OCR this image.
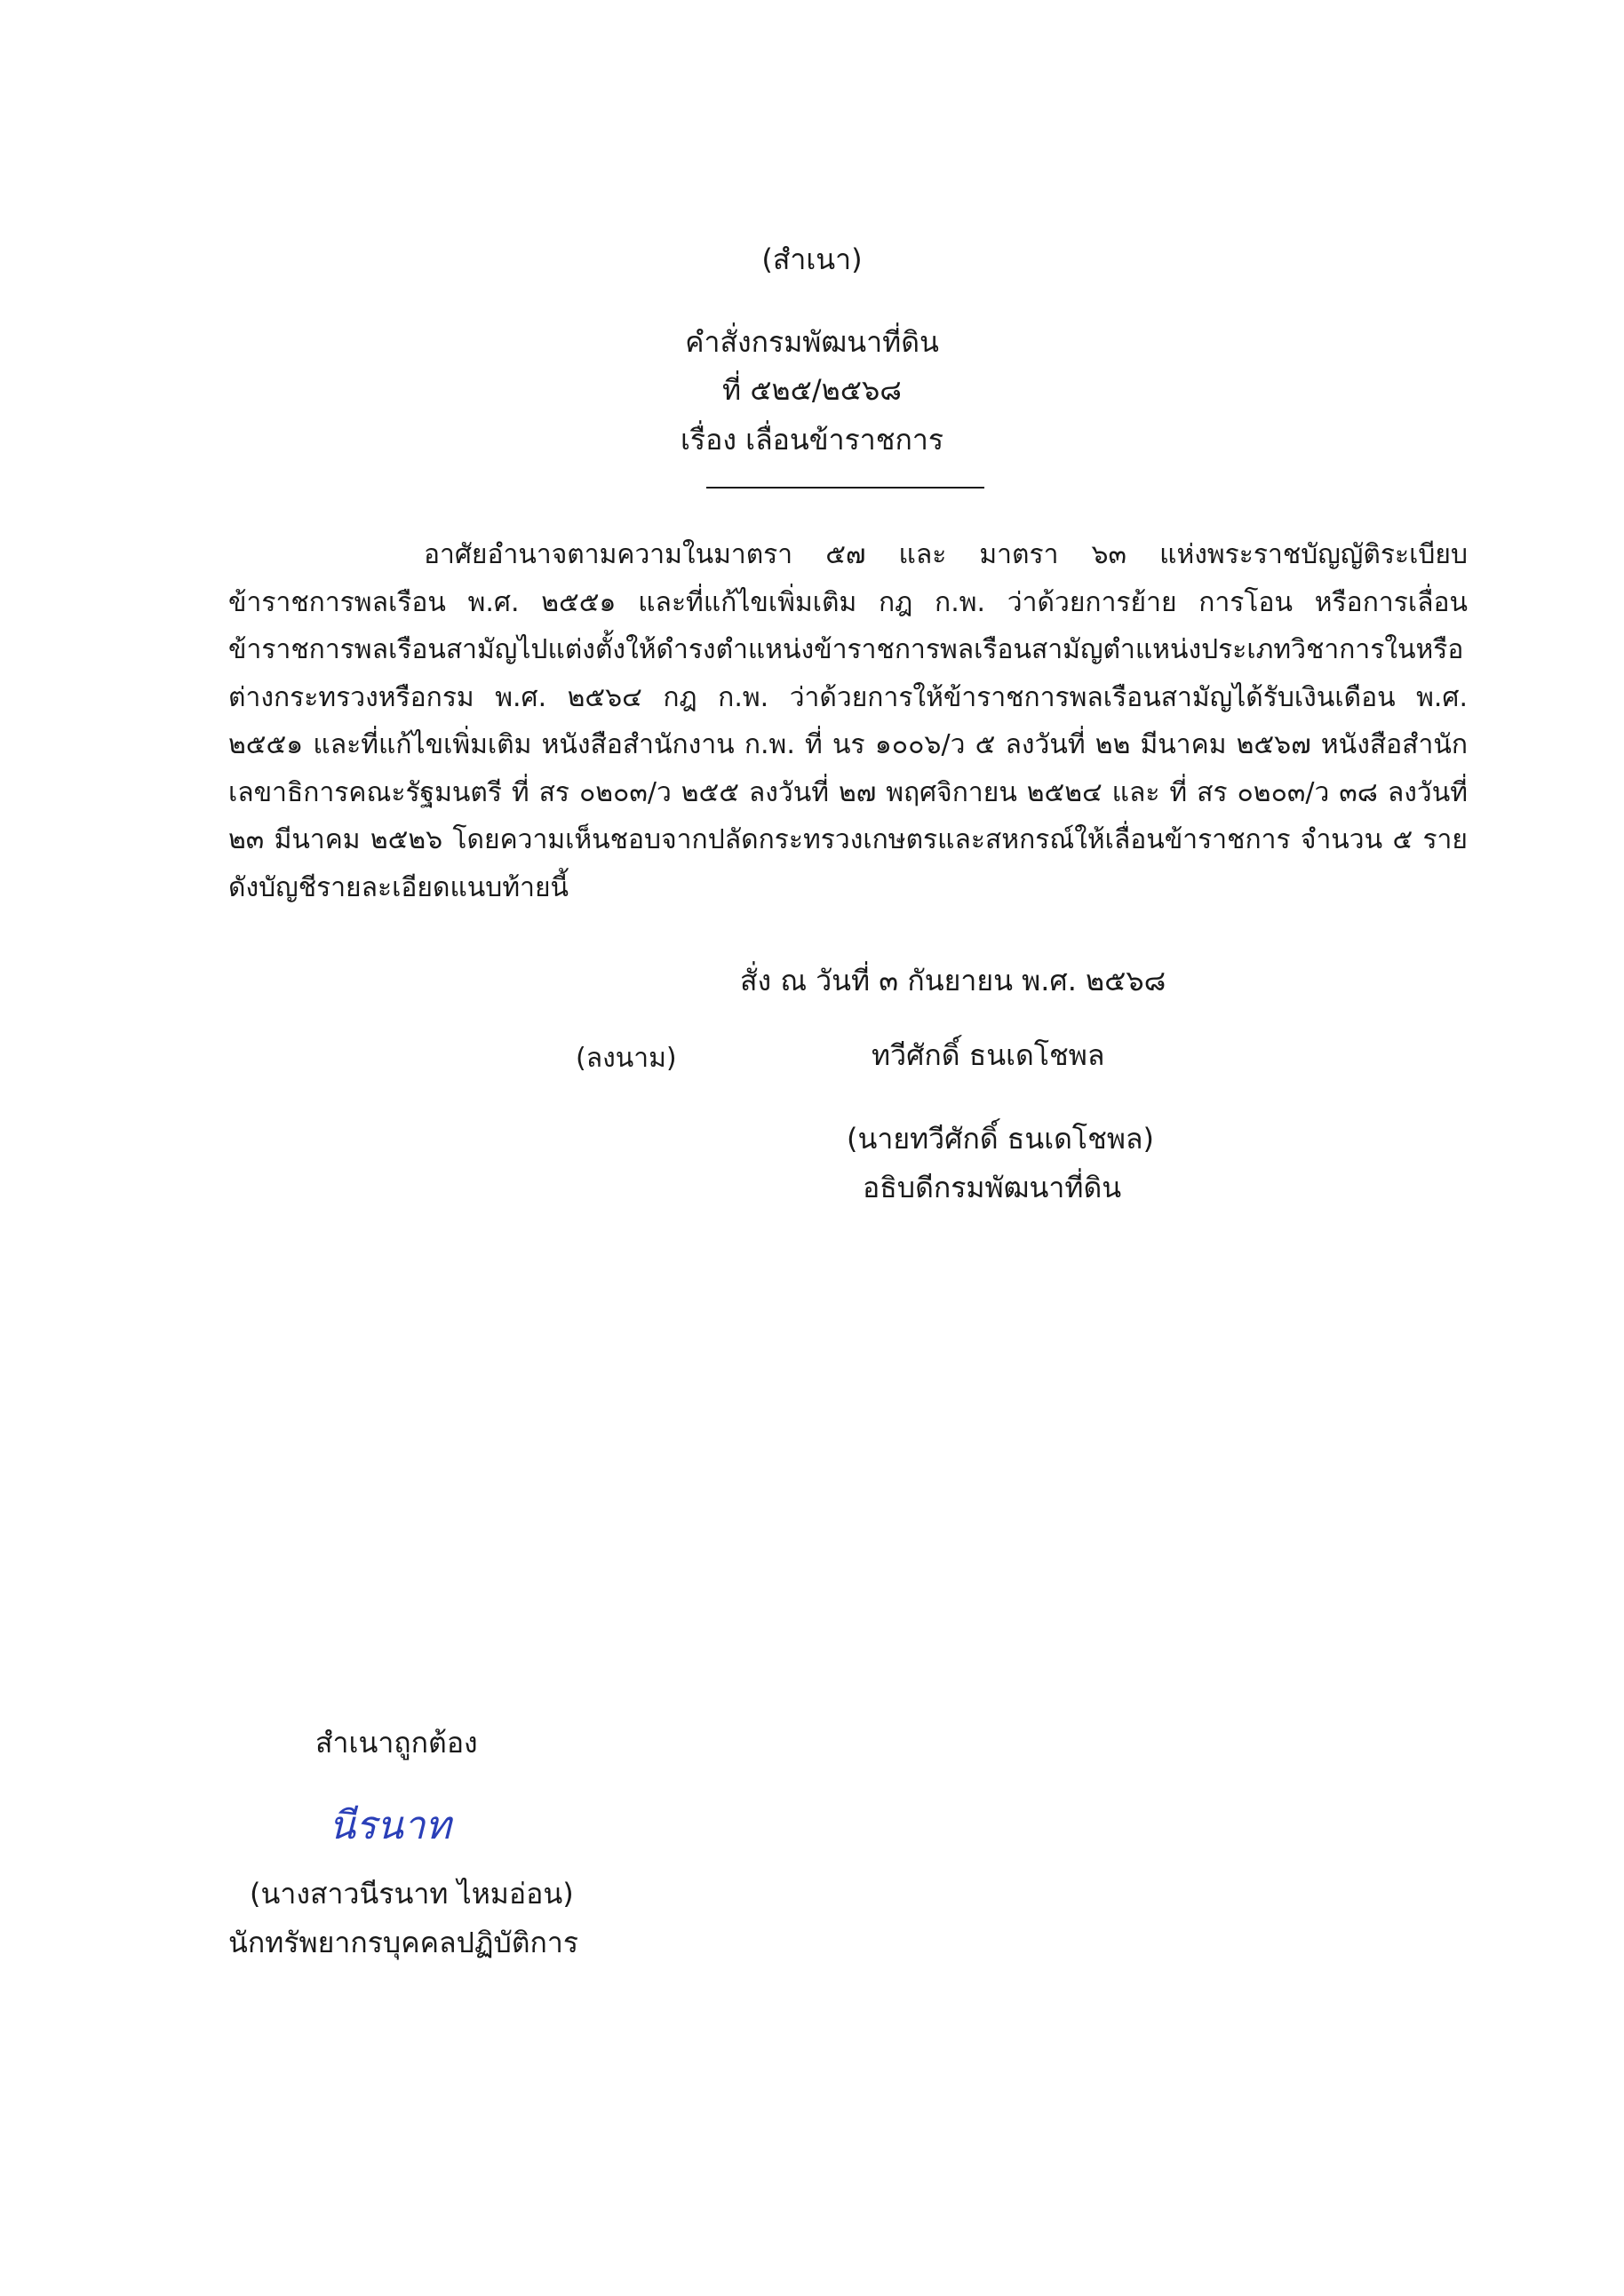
(สำเนา)
คำสั่งกรมพัฒนาที่ดิน
ที่ ๕๒๕/๒๕๖๘
เรื่อง เลื่อนข้าราชการ
อาศัยอำนาจตามความในมาตรา ๕๗ และ มาตรา ๖๓ แห่งพระราชบัญญัติระเบียบข้าราชการพลเรือน พ.ศ. ๒๕๕๑ และที่แก้ไขเพิ่มเติม กฎ ก.พ. ว่าด้วยการย้าย การโอน หรือการเลื่อนข้าราชการพลเรือนสามัญไปแต่งตั้งให้ดำรงตำแหน่งข้าราชการพลเรือนสามัญตำแหน่งประเภทวิชาการในหรือต่างกระทรวงหรือกรม พ.ศ. ๒๕๖๔ กฎ ก.พ. ว่าด้วยการให้ข้าราชการพลเรือนสามัญได้รับเงินเดือน พ.ศ. ๒๕๕๑ และที่แก้ไขเพิ่มเติม หนังสือสำนักงาน ก.พ. ที่ นร ๑๐๐๖/ว ๕ ลงวันที่ ๒๒ มีนาคม ๒๕๖๗ หนังสือสำนักเลขาธิการคณะรัฐมนตรี ที่ สร ๐๒๐๓/ว ๒๕๕ ลงวันที่ ๒๗ พฤศจิกายน ๒๕๒๔ และ ที่ สร ๐๒๐๓/ว ๓๘ ลงวันที่ ๒๓ มีนาคม ๒๕๒๖ โดยความเห็นชอบจากปลัดกระทรวงเกษตรและสหกรณ์ให้เลื่อนข้าราชการ จำนวน ๕ ราย ดังบัญชีรายละเอียดแนบท้ายนี้
สั่ง ณ วันที่ ๓ กันยายน พ.ศ. ๒๕๖๘
(ลงนาม)	ทวีศักดิ์ ธนเดโชพล
(นายทวีศักดิ์ ธนเดโชพล)
อธิบดีกรมพัฒนาที่ดิน
สำเนาถูกต้อง
นีรนาท
(นางสาวนีรนาท ไหมอ่อน)
นักทรัพยากรบุคคลปฏิบัติการ
